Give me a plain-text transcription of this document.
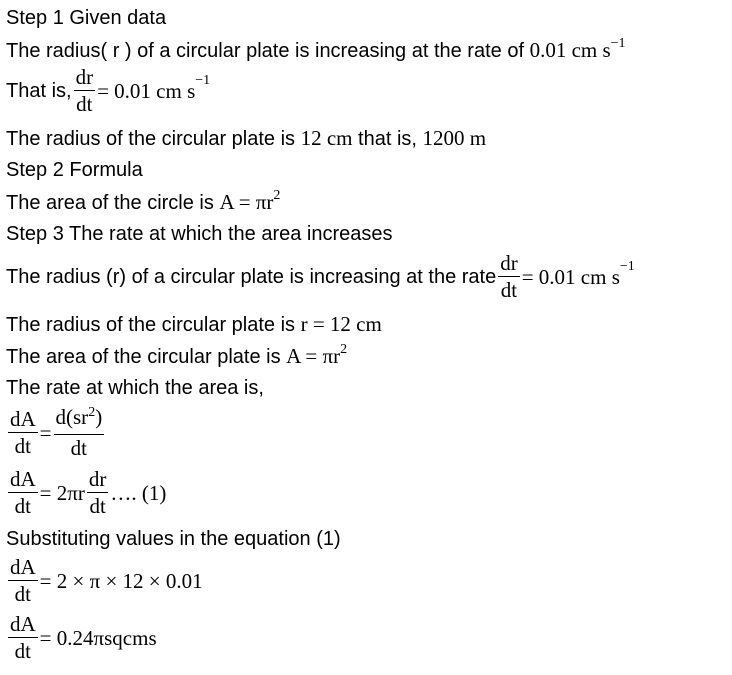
Step 1 Given data
The radius( r ) of a circular plate is increasing at the rate of 0.01 cm $s^{-1}$
That is, $\frac{dr}{dt} = 0.01$ cm s −1
The radius of the circular plate is 12 cm that is, 1200 m
Step 2 Formula
The area of the circle is $A = \pi r^2$
Step 3 The rate at which the area increases
The radius (r) of a circular plate is increasing at the rate $\frac{dr}{dt} = 0.01$ cm s −1
The radius of the circular plate is r = 12 cm
The area of the circular plate is $A = \pi r^2$
The rate at which the area is,
$\frac{dA}{dt} = \frac{d(sr^2)}{dt}$
$\frac{dA}{dt} = 2\pi r \frac{dr}{dt}$ …. (1)
Substituting values in the equation (1)
$\frac{dA}{dt} = 2 \times \pi \times 12 \times 0.01$
$\frac{dA}{dt}$ = 0.24πsqcms
